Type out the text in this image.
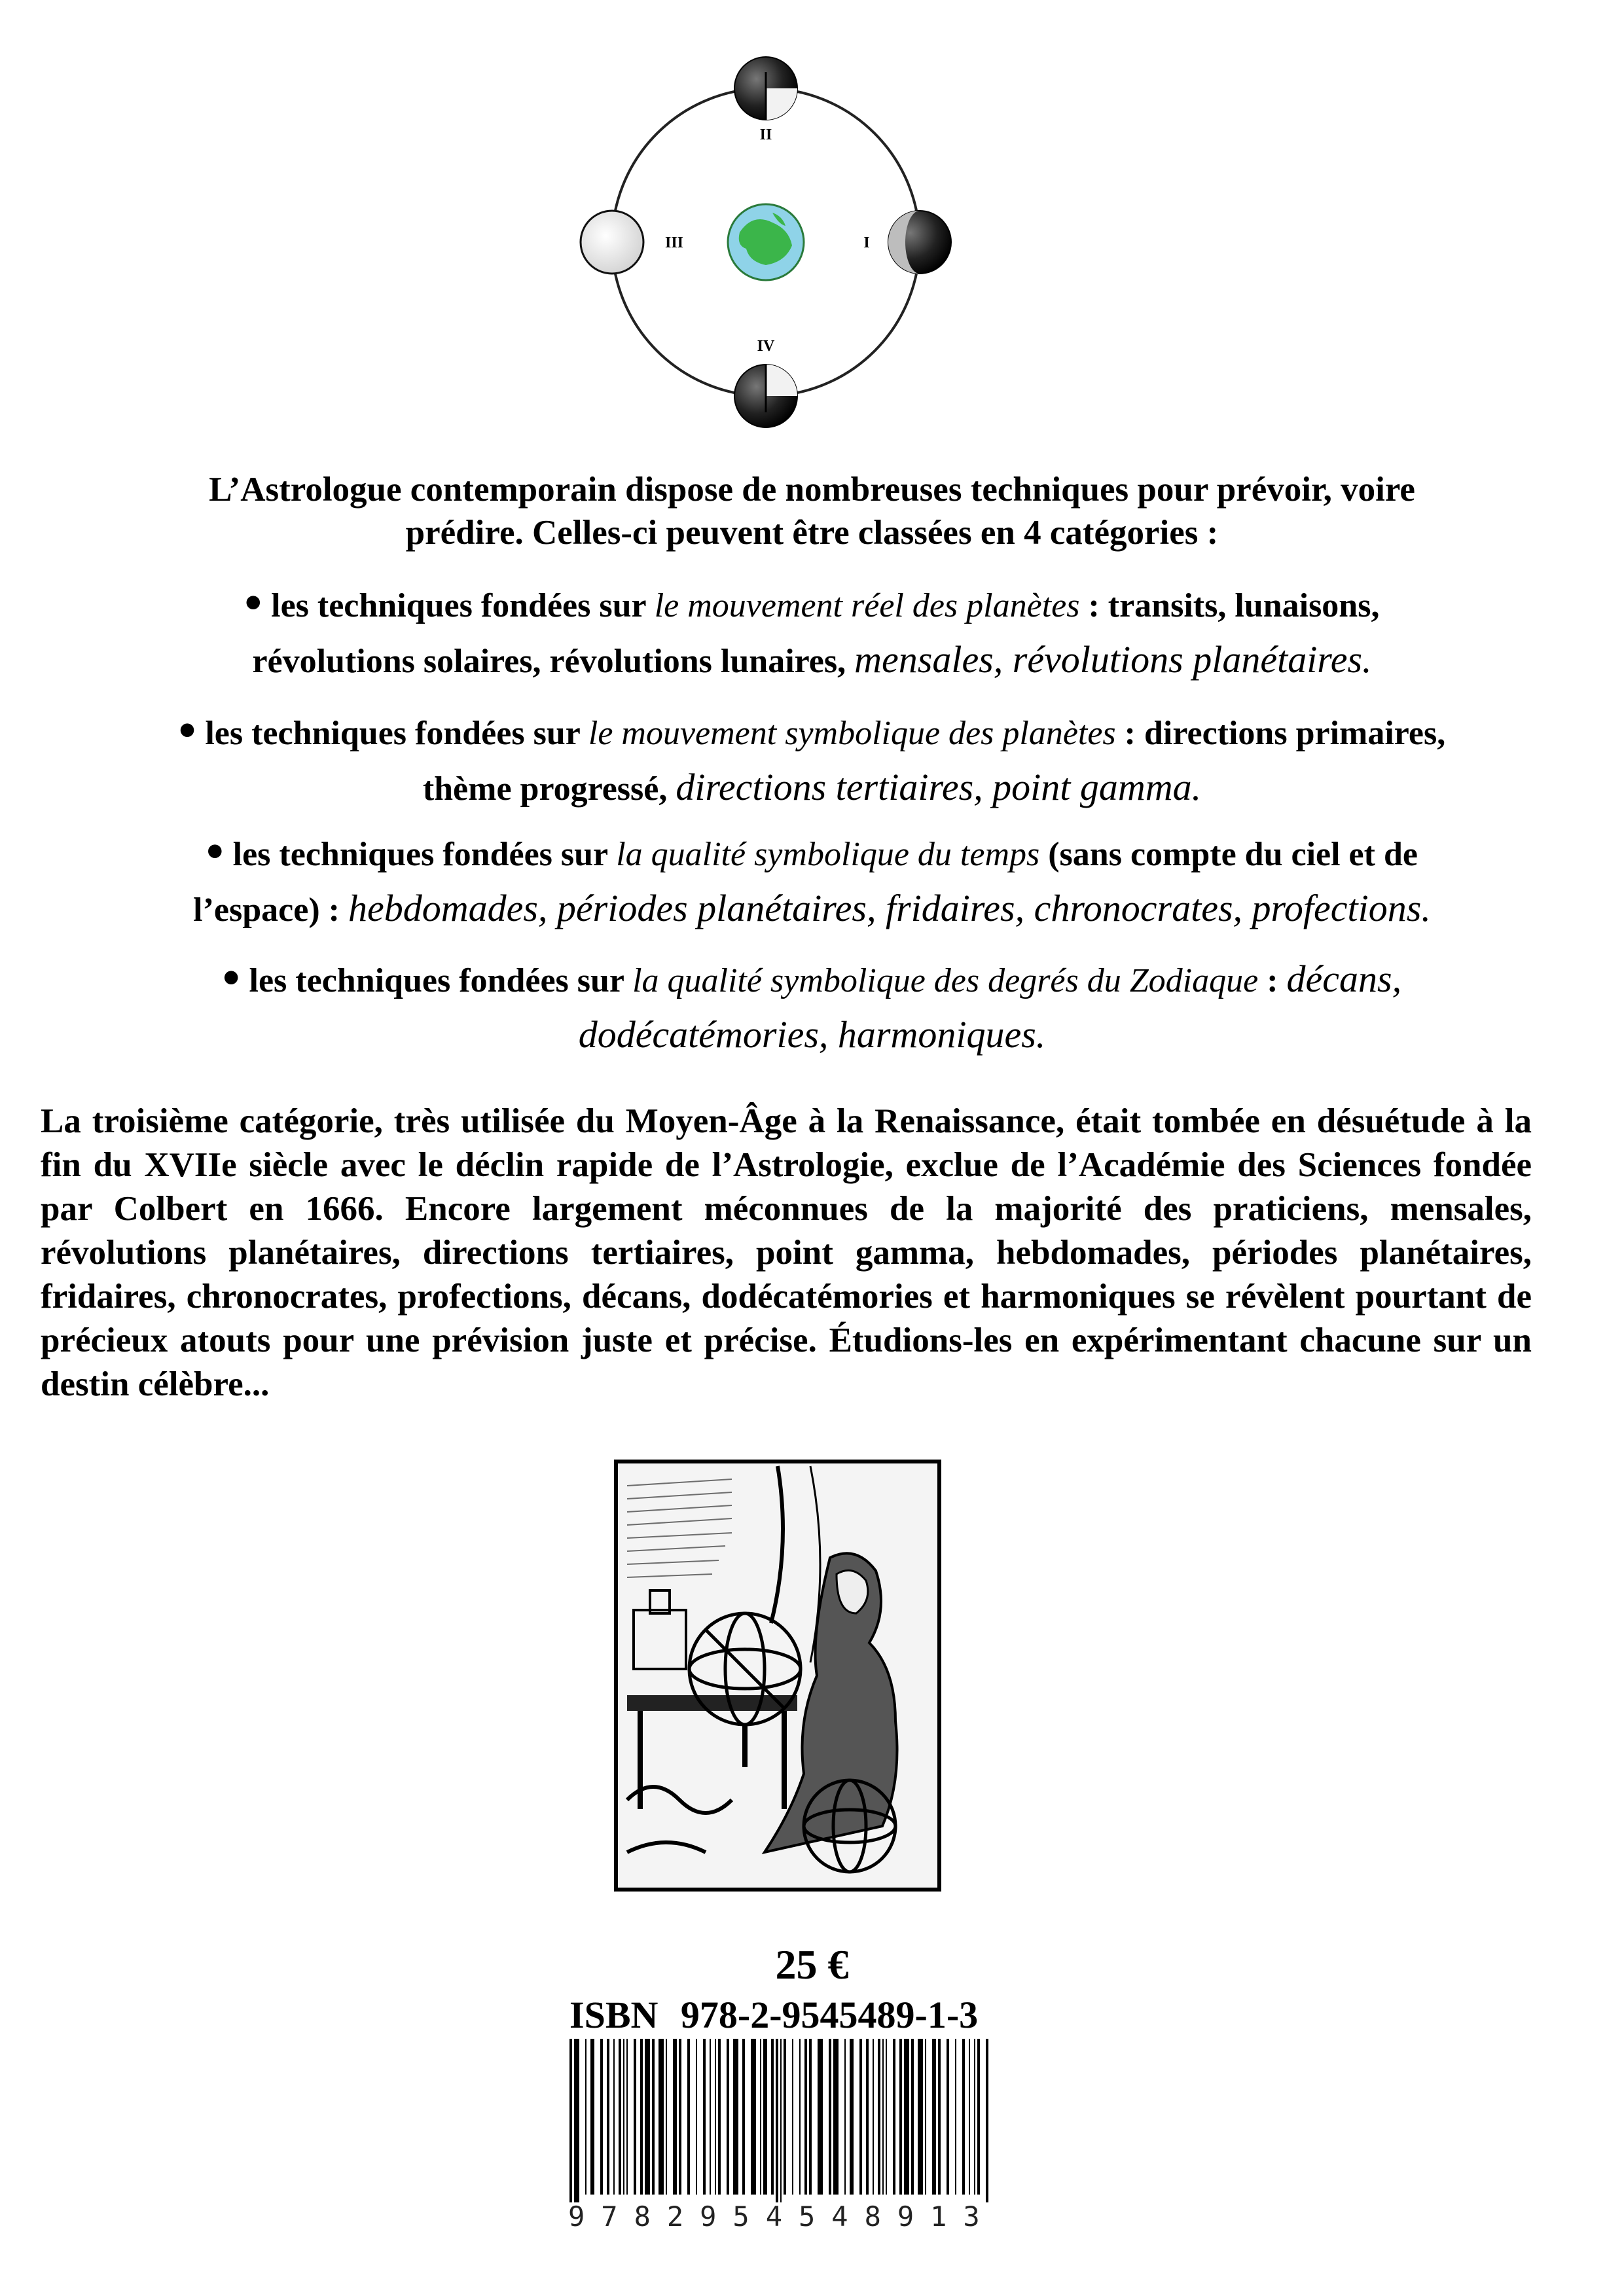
II
I
III
IV
L’Astrologue contemporain dispose de nombreuses techniques pour prévoir, voire
prédire. Celles-ci peuvent être classées en 4 catégories :
• les techniques fondées sur le mouvement réel des planètes : transits, lunaisons,
révolutions solaires, révolutions lunaires, mensales, révolutions planétaires.
• les techniques fondées sur le mouvement symbolique des planètes : directions primaires,
thème progressé, directions tertiaires, point gamma.
• les techniques fondées sur la qualité symbolique du temps (sans compte du ciel et de
l’espace) : hebdomades, périodes planétaires, fridaires, chronocrates, profections.
• les techniques fondées sur la qualité symbolique des degrés du Zodiaque : décans,
dodécatémories, harmoniques.
La troisième catégorie, très utilisée du Moyen-Âge à la Renaissance, était tombée en désuétude à la fin du XVIIe siècle avec le déclin rapide de l’Astrologie, exclue de l’Académie des Sciences fondée par Colbert en 1666. Encore largement méconnues de la majorité des praticiens, mensales, révolutions planétaires, directions tertiaires, point gamma, hebdomades, périodes planétaires, fridaires, chronocrates, profections, décans, dodécatémories et harmoniques se révèlent pourtant de précieux atouts pour une prévision juste et précise. Étudions-les en expérimentant chacune sur un destin célèbre...
25 €
ISBN 978-2-9545489-1-3
9782954548913
